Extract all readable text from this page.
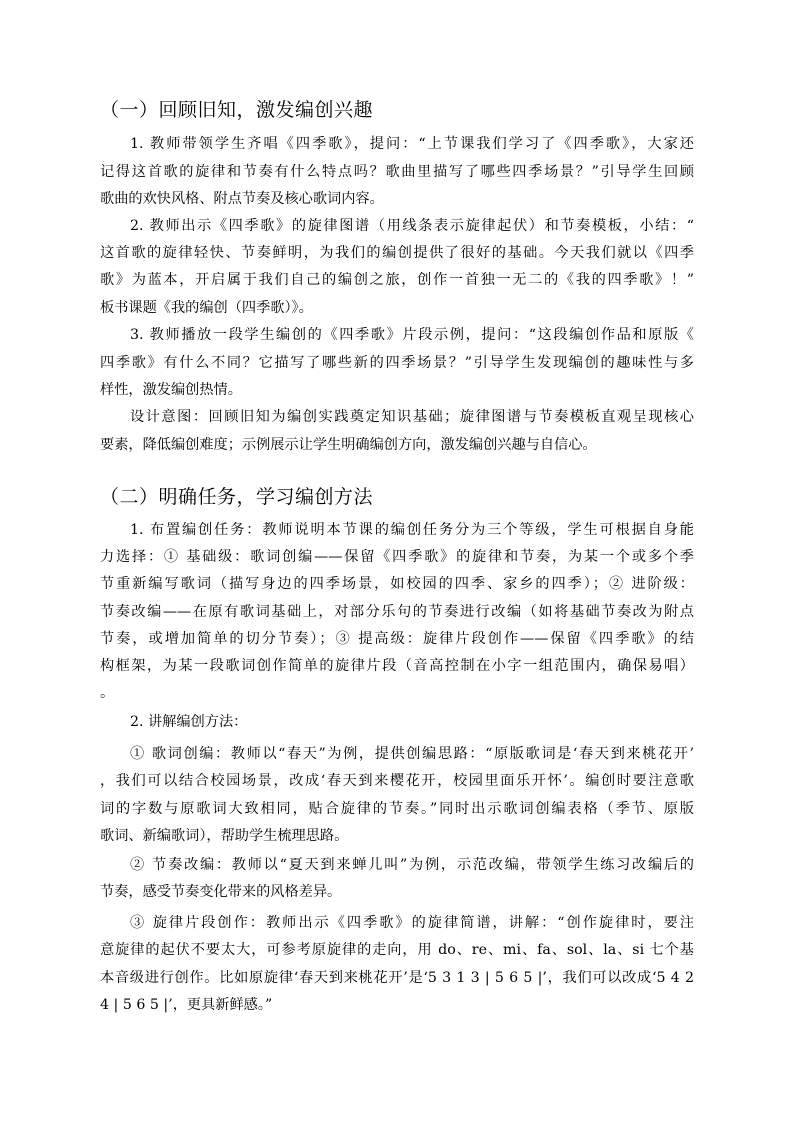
（一）回顾旧知，激发编创兴趣
1. 教师带领学生齐唱《四季歌》，提问：“上节课我们学习了《四季歌》，大家还
记得这首歌的旋律和节奏有什么特点吗？歌曲里描写了哪些四季场景？”引导学生回顾
歌曲的欢快风格、附点节奏及核心歌词内容。
2. 教师出示《四季歌》的旋律图谱（用线条表示旋律起伏）和节奏模板，小结：“
这首歌的旋律轻快、节奏鲜明，为我们的编创提供了很好的基础。今天我们就以《四季
歌》为蓝本，开启属于我们自己的编创之旅，创作一首独一无二的《我的四季歌》！”
板书课题《我的编创（四季歌）》。
3. 教师播放一段学生编创的《四季歌》片段示例，提问：“这段编创作品和原版《
四季歌》有什么不同？它描写了哪些新的四季场景？”引导学生发现编创的趣味性与多
样性，激发编创热情。
设计意图：回顾旧知为编创实践奠定知识基础；旋律图谱与节奏模板直观呈现核心
要素，降低编创难度；示例展示让学生明确编创方向，激发编创兴趣与自信心。
（二）明确任务，学习编创方法
1. 布置编创任务：教师说明本节课的编创任务分为三个等级，学生可根据自身能
力选择：① 基础级：歌词创编——保留《四季歌》的旋律和节奏，为某一个或多个季
节重新编写歌词（描写身边的四季场景，如校园的四季、家乡的四季）；② 进阶级：
节奏改编——在原有歌词基础上，对部分乐句的节奏进行改编（如将基础节奏改为附点
节奏，或增加简单的切分节奏）；③ 提高级：旋律片段创作——保留《四季歌》的结
构框架，为某一段歌词创作简单的旋律片段（音高控制在小字一组范围内，确保易唱）
。
2. 讲解编创方法：
① 歌词创编：教师以“春天”为例，提供创编思路：“原版歌词是‘春天到来桃花开’
，我们可以结合校园场景，改成‘春天到来樱花开，校园里面乐开怀’。编创时要注意歌
词的字数与原歌词大致相同，贴合旋律的节奏。”同时出示歌词创编表格（季节、原版
歌词、新编歌词），帮助学生梳理思路。
② 节奏改编：教师以“夏天到来蝉儿叫”为例，示范改编，带领学生练习改编后的
节奏，感受节奏变化带来的风格差异。
③ 旋律片段创作：教师出示《四季歌》的旋律简谱，讲解：“创作旋律时，要注
意旋律的起伏不要太大，可参考原旋律的走向，用 do、re、mi、fa、sol、la、si 七个基
本音级进行创作。比如原旋律‘春天到来桃花开’是‘5 3 1 3 | 5 6 5 |’，我们可以改成‘5 4 2
4 | 5 6 5 |’，更具新鲜感。”
